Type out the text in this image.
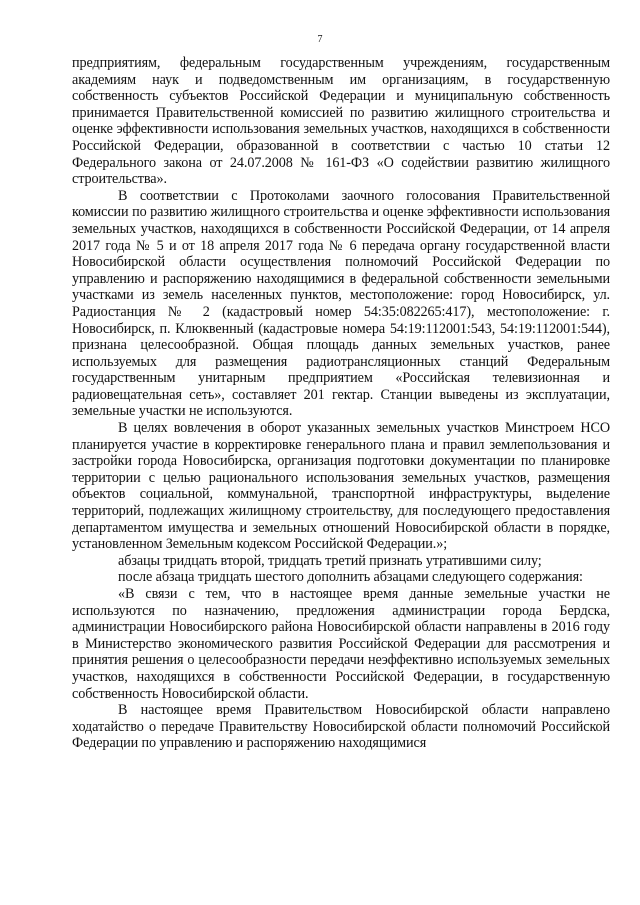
7

предприятиям, федеральным государственным учреждениям, государственным академиям наук и подведомственным им организациям, в государственную собственность субъектов Российской Федерации и муниципальную собственность принимается Правительственной комиссией по развитию жилищного строительства и оценке эффективности использования земельных участков, находящихся в собственности Российской Федерации, образованной в соответствии с частью 10 статьи 12 Федерального закона от 24.07.2008 № 161-ФЗ «О содействии развитию жилищного строительства».

В соответствии с Протоколами заочного голосования Правительственной комиссии по развитию жилищного строительства и оценке эффективности использования земельных участков, находящихся в собственности Российской Федерации, от 14 апреля 2017 года № 5 и от 18 апреля 2017 года № 6 передача органу государственной власти Новосибирской области осуществления полномочий Российской Федерации по управлению и распоряжению находящимися в федеральной собственности земельными участками из земель населенных пунктов, местоположение: город Новосибирск, ул. Радиостанция № 2 (кадастровый номер 54:35:082265:417), местоположение: г. Новосибирск, п. Клюквенный (кадастровые номера 54:19:112001:543, 54:19:112001:544), признана целесообразной. Общая площадь данных земельных участков, ранее используемых для размещения радиотрансляционных станций Федеральным государственным унитарным предприятием «Российская телевизионная и радиовещательная сеть», составляет 201 гектар. Станции выведены из эксплуатации, земельные участки не используются.

В целях вовлечения в оборот указанных земельных участков Минстроем НСО планируется участие в корректировке генерального плана и правил землепользования и застройки города Новосибирска, организация подготовки документации по планировке территории с целью рационального использования земельных участков, размещения объектов социальной, коммунальной, транспортной инфраструктуры, выделение территорий, подлежащих жилищному строительству, для последующего предоставления департаментом имущества и земельных отношений Новосибирской области в порядке, установленном Земельным кодексом Российской Федерации.»;

абзацы тридцать второй, тридцать третий признать утратившими силу;

после абзаца тридцать шестого дополнить абзацами следующего содержания:

«В связи с тем, что в настоящее время данные земельные участки не используются по назначению, предложения администрации города Бердска, администрации Новосибирского района Новосибирской области направлены в 2016 году в Министерство экономического развития Российской Федерации для рассмотрения и принятия решения о целесообразности передачи неэффективно используемых земельных участков, находящихся в собственности Российской Федерации, в государственную собственность Новосибирской области.

В настоящее время Правительством Новосибирской области направлено ходатайство о передаче Правительству Новосибирской области полномочий Российской Федерации по управлению и распоряжению находящимися
